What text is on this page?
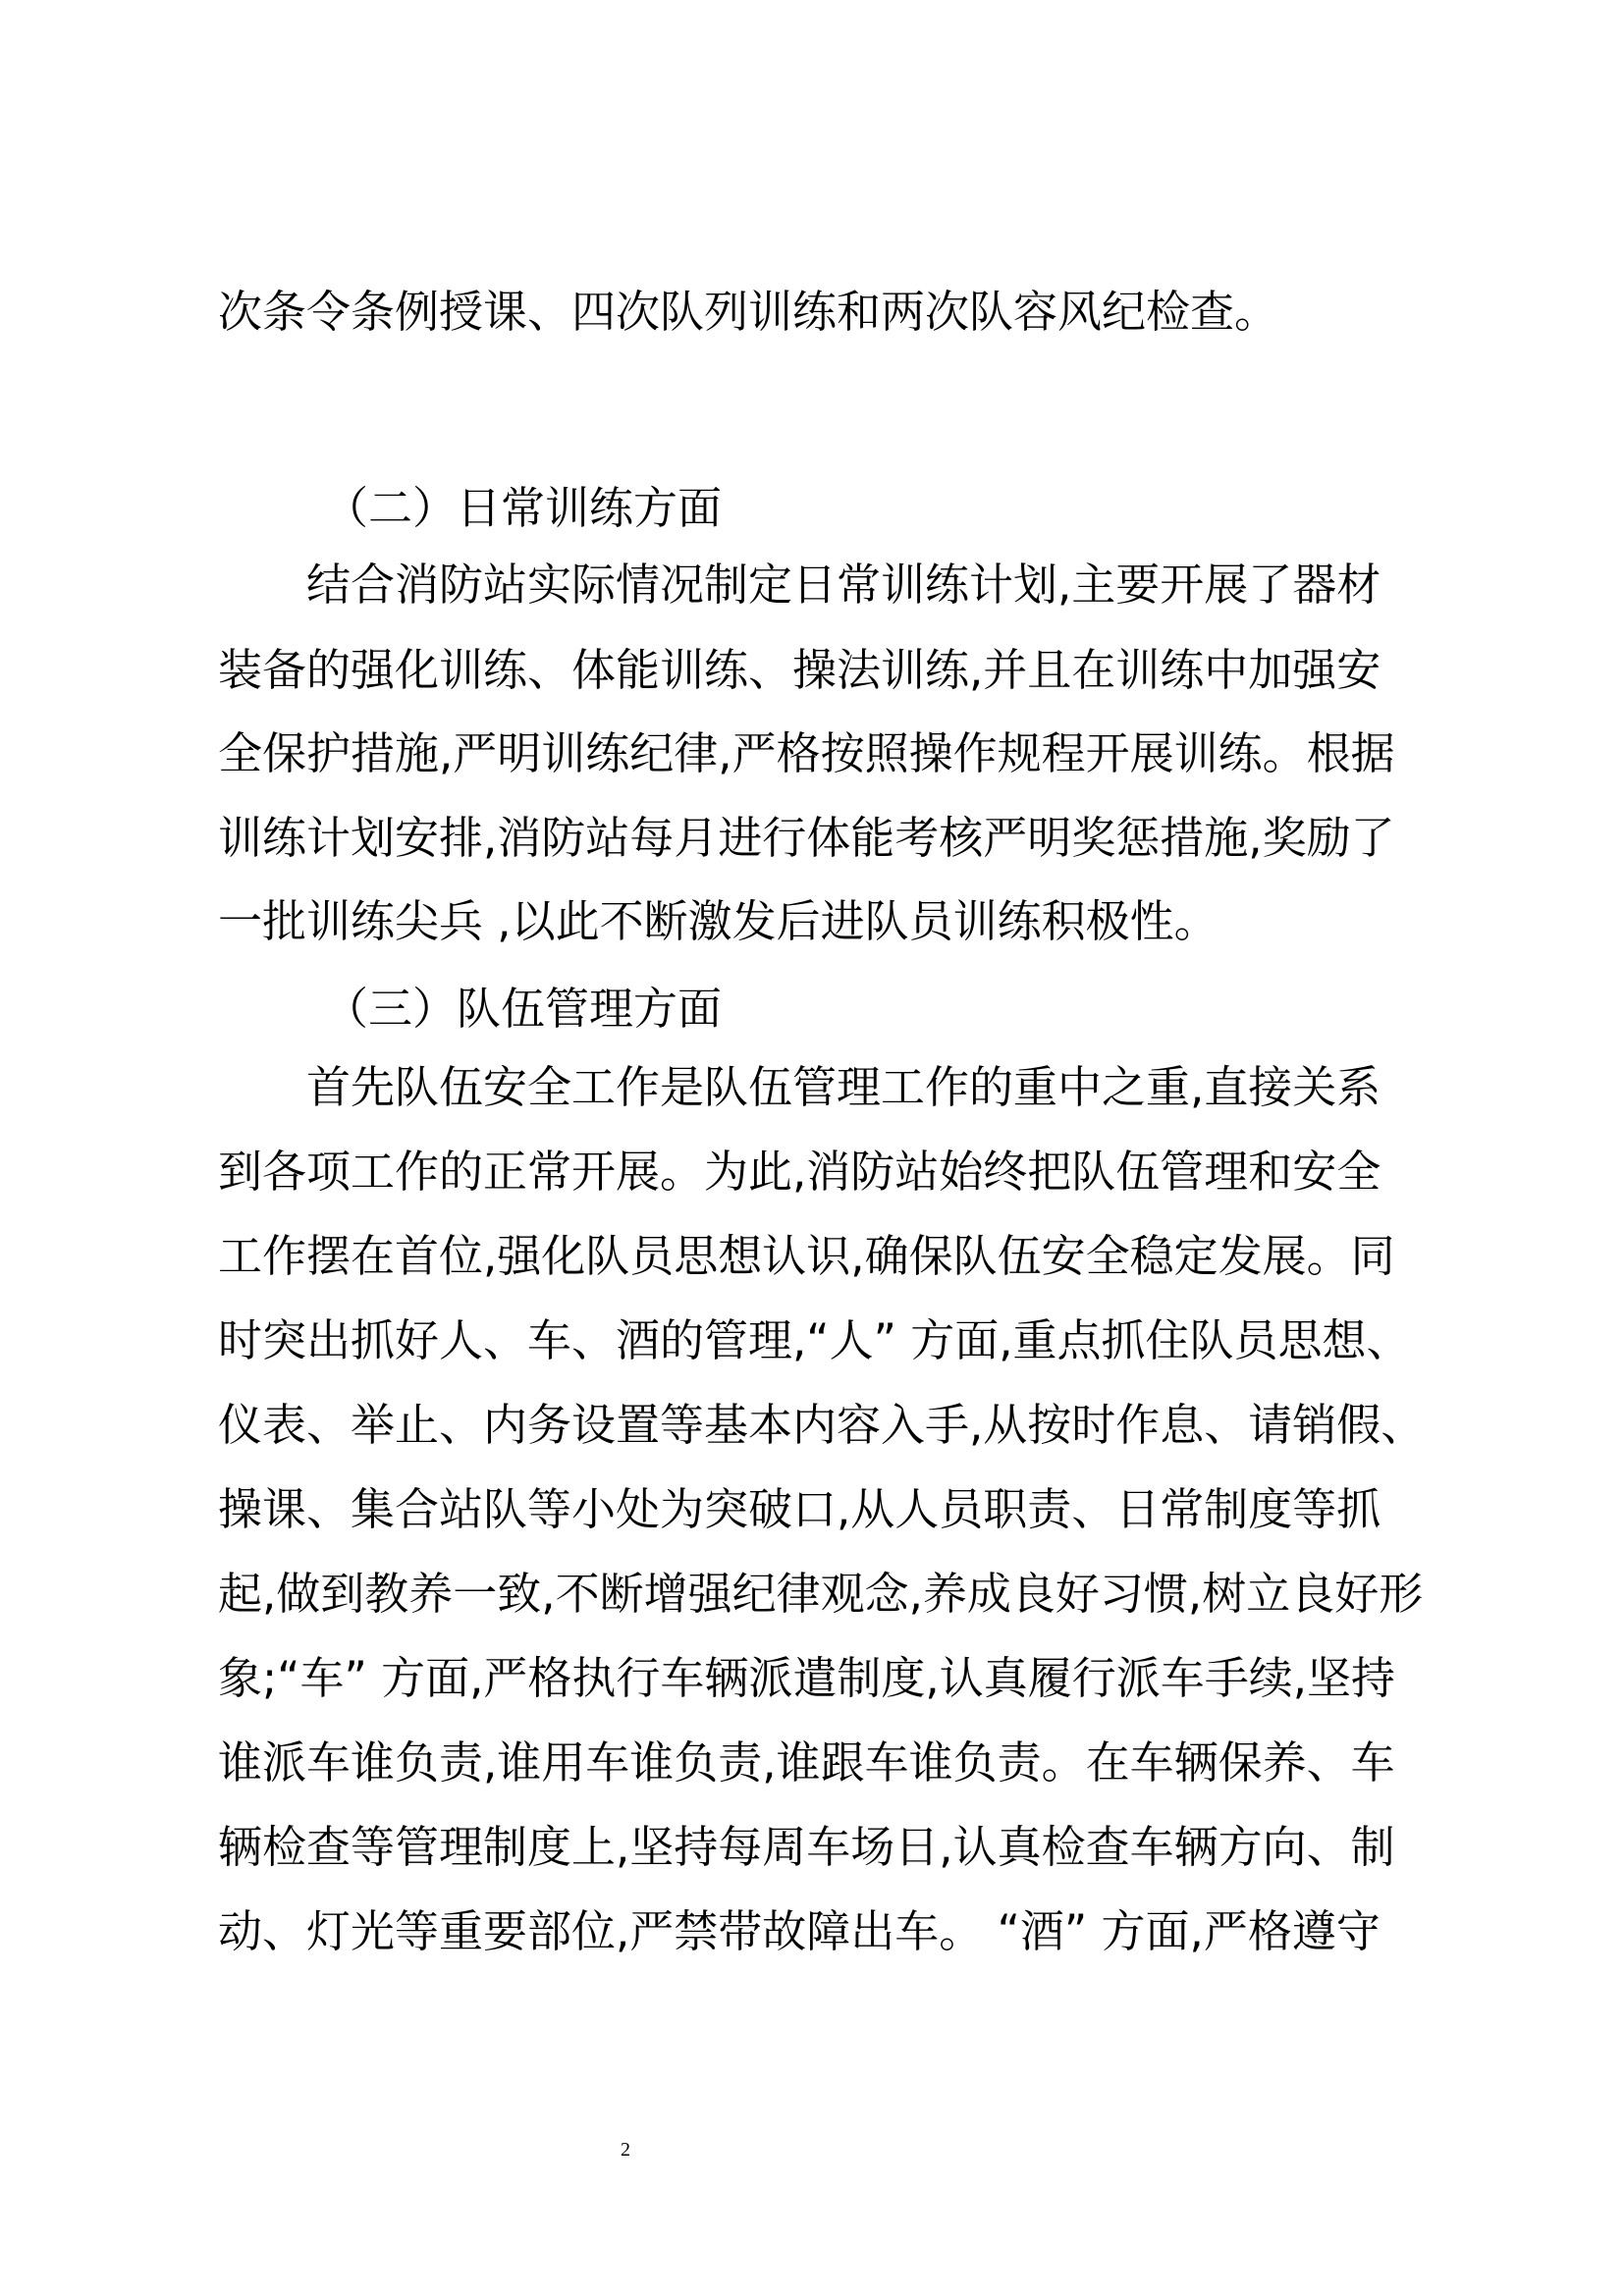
次条令条例授课、四次队列训练和两次队容风纪检查。
（二）日常训练方面
结合消防站实际情况制定日常训练计划,主要开展了器材
装备的强化训练、体能训练、操法训练,并且在训练中加强安
全保护措施,严明训练纪律,严格按照操作规程开展训练。根据
训练计划安排,消防站每月进行体能考核严明奖惩措施,奖励了
一批训练尖兵 ,以此不断激发后进队员训练积极性。
（三）队伍管理方面
首先队伍安全工作是队伍管理工作的重中之重,直接关系
到各项工作的正常开展。为此,消防站始终把队伍管理和安全
工作摆在首位,强化队员思想认识,确保队伍安全稳定发展。同
时突出抓好人、车、酒的管理,“人” 方面,重点抓住队员思想、
仪表、举止、内务设置等基本内容入手,从按时作息、请销假、
操课、集合站队等小处为突破口,从人员职责、日常制度等抓
起,做到教养一致,不断增强纪律观念,养成良好习惯,树立良好形
象;“车” 方面,严格执行车辆派遣制度,认真履行派车手续,坚持
谁派车谁负责,谁用车谁负责,谁跟车谁负责。在车辆保养、车
辆检查等管理制度上,坚持每周车场日,认真检查车辆方向、制
动、灯光等重要部位,严禁带故障出车。 “酒” 方面,严格遵守
2
